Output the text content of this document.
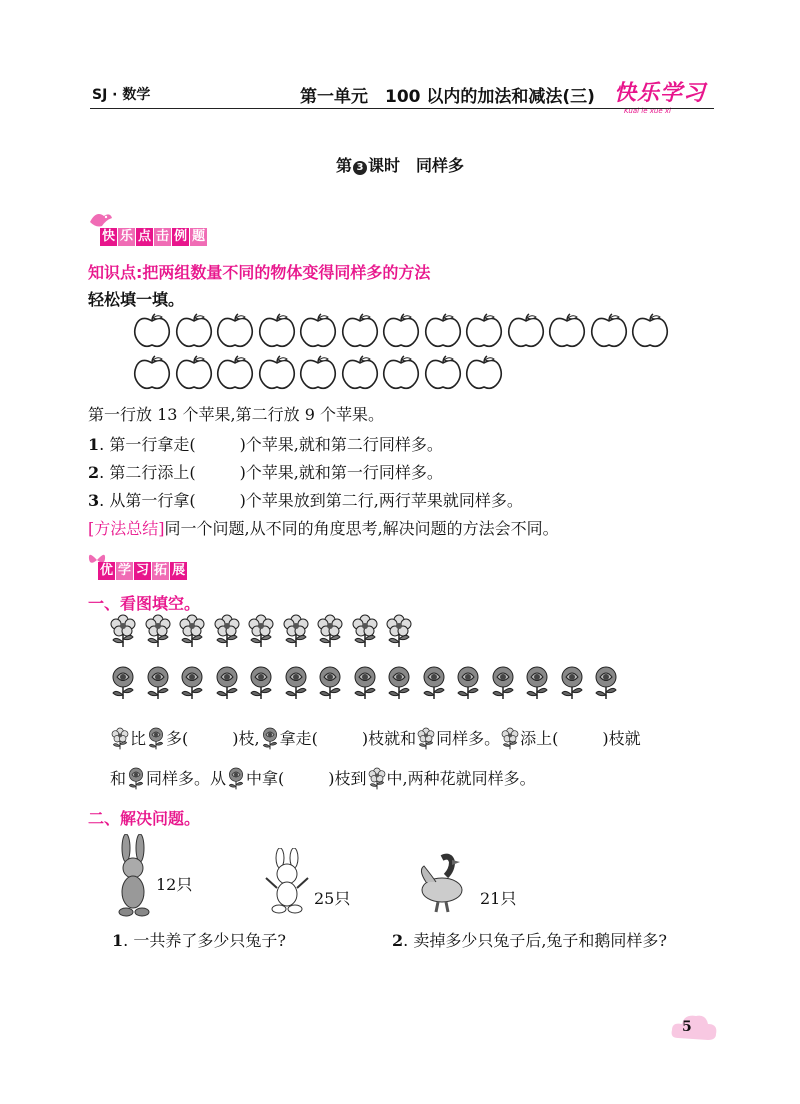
SJ · 数学	第一单元　100 以内的加法和减法(三) 快乐学习
Kuai le xue xi
第 3 课时　同样多
快 乐 点 击 例 题
知识点:把两组数量不同的物体变得同样多的方法
轻松填一填。
第一行放 13 个苹果,第二行放 9 个苹果。
1. 第一行拿走(	)个苹果,就和第二行同样多。
2. 第二行添上(	)个苹果,就和第一行同样多。
3. 从第一行拿(	)个苹果放到第二行,两行苹果就同样多。
[方法总结]同一个问题,从不同的角度思考,解决问题的方法会不同。
优 学 习 拓 展
一、看图填空。
比 多(	)枝, 拿走(	)枝就和 同样多。 添上(	)枝就
和 同样多。从 中拿(	)枝到 中,两种花就同样多。
二、解决问题。
12只
25只	21只
1. 一共养了多少只兔子?	2. 卖掉多少只兔子后,兔子和鹅同样多?
5
